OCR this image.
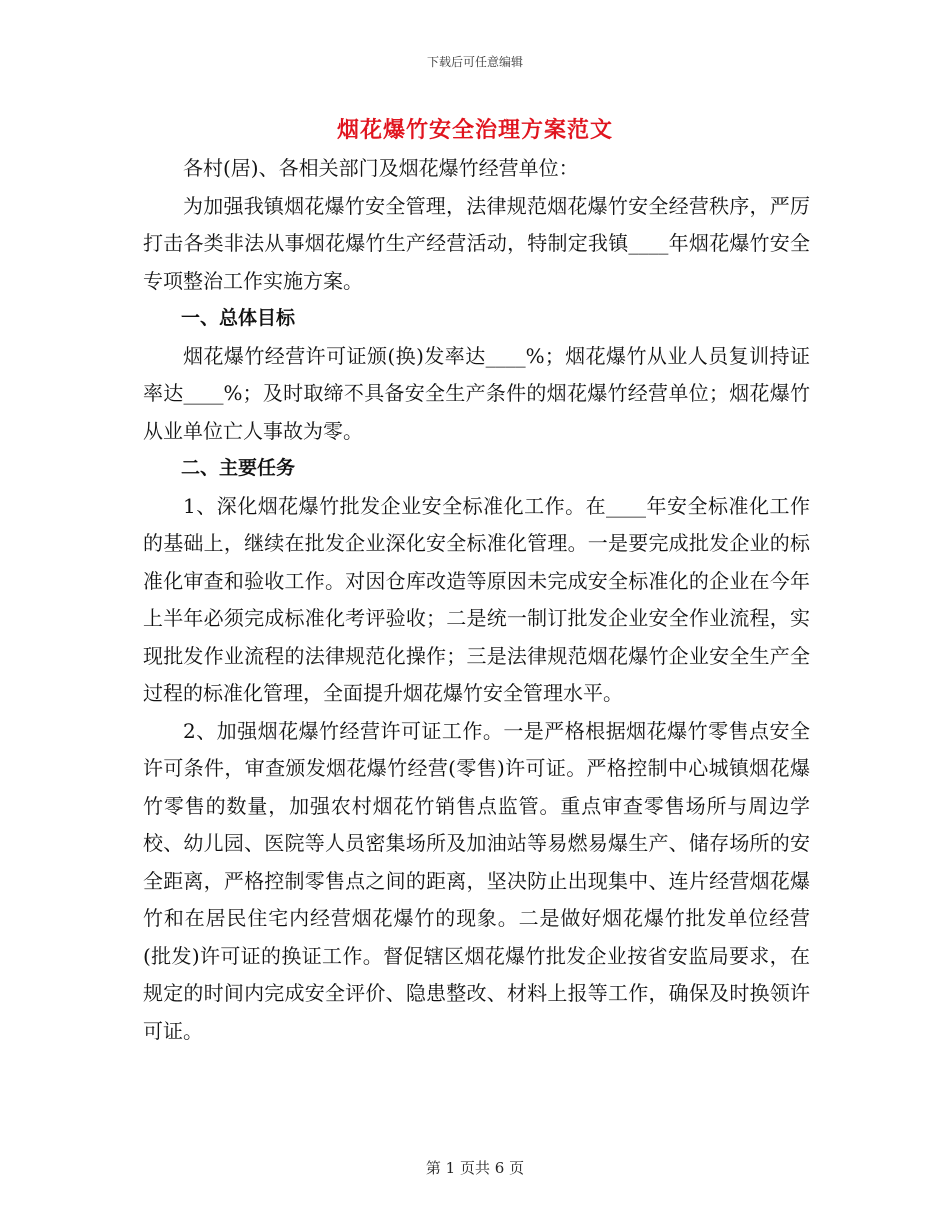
下载后可任意编辑
烟花爆竹安全治理方案范文

各村(居)、各相关部门及烟花爆竹经营单位：

为加强我镇烟花爆竹安全管理，法律规范烟花爆竹安全经营秩序，严厉打击各类非法从事烟花爆竹生产经营活动，特制定我镇____年烟花爆竹安全专项整治工作实施方案。

一、总体目标

烟花爆竹经营许可证颁(换)发率达____%；烟花爆竹从业人员复训持证率达____%；及时取缔不具备安全生产条件的烟花爆竹经营单位；烟花爆竹从业单位亡人事故为零。

二、主要任务

1、深化烟花爆竹批发企业安全标准化工作。在____年安全标准化工作的基础上，继续在批发企业深化安全标准化管理。一是要完成批发企业的标准化审查和验收工作。对因仓库改造等原因未完成安全标准化的企业在今年上半年必须完成标准化考评验收；二是统一制订批发企业安全作业流程，实现批发作业流程的法律规范化操作；三是法律规范烟花爆竹企业安全生产全过程的标准化管理，全面提升烟花爆竹安全管理水平。

2、加强烟花爆竹经营许可证工作。一是严格根据烟花爆竹零售点安全许可条件，审查颁发烟花爆竹经营(零售)许可证。严格控制中心城镇烟花爆竹零售的数量，加强农村烟花竹销售点监管。重点审查零售场所与周边学校、幼儿园、医院等人员密集场所及加油站等易燃易爆生产、储存场所的安全距离，严格控制零售点之间的距离，坚决防止出现集中、连片经营烟花爆竹和在居民住宅内经营烟花爆竹的现象。二是做好烟花爆竹批发单位经营(批发)许可证的换证工作。督促辖区烟花爆竹批发企业按省安监局要求，在规定的时间内完成安全评价、隐患整改、材料上报等工作，确保及时换领许可证。

第 1 页共 6 页
